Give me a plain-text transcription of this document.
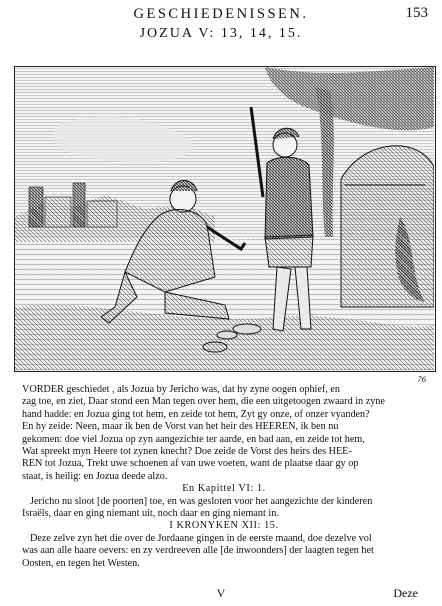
GESCHIEDENISSEN.	153
JOZUA V: 13, 14, 15.
76
VORDER geschiedet , als Jozua by Jericho was, dat hy zyne oogen ophief, en
zag toe, en ziet, Daar stond een Man tegen over hem, die een uitgetoogen zwaard in zyne
hand hadde: en Jozua ging tot hem, en zeide tot hem, Zyt gy onze, of onzer vyanden?
En hy zeide: Neen, maar ik ben de Vorst van het heir des HEEREN, ik ben nu
gekomen: doe viel Jozua op zyn aangezichte ter aarde, en bad aan, en zeide tot hem,
Wat spreekt myn Heere tot zynen knecht? Doe zeide de Vorst des heirs des HEE-
REN tot Jozua, Trekt uwe schoenen af van uwe voeten, want de plaatse daar gy op
staat, is heilig: en Jozua deede alzo.
En Kapittel VI: 1.
Jericho nu sloot [de poorten] toe, en was gesloten voor het aangezichte der kinderen
Israëls, daar en ging niemant uit, noch daar en ging niemant in.
I KRONYKEN XII: 15.
Deze zelve zyn het die over de Jordaane gingen in de eerste maand, doe dezelve vol
was aan alle haare oevers: en zy verdreeven alle [de inwoonders] der laagten tegen het
Oosten, en tegen het Westen.
V	Deze
